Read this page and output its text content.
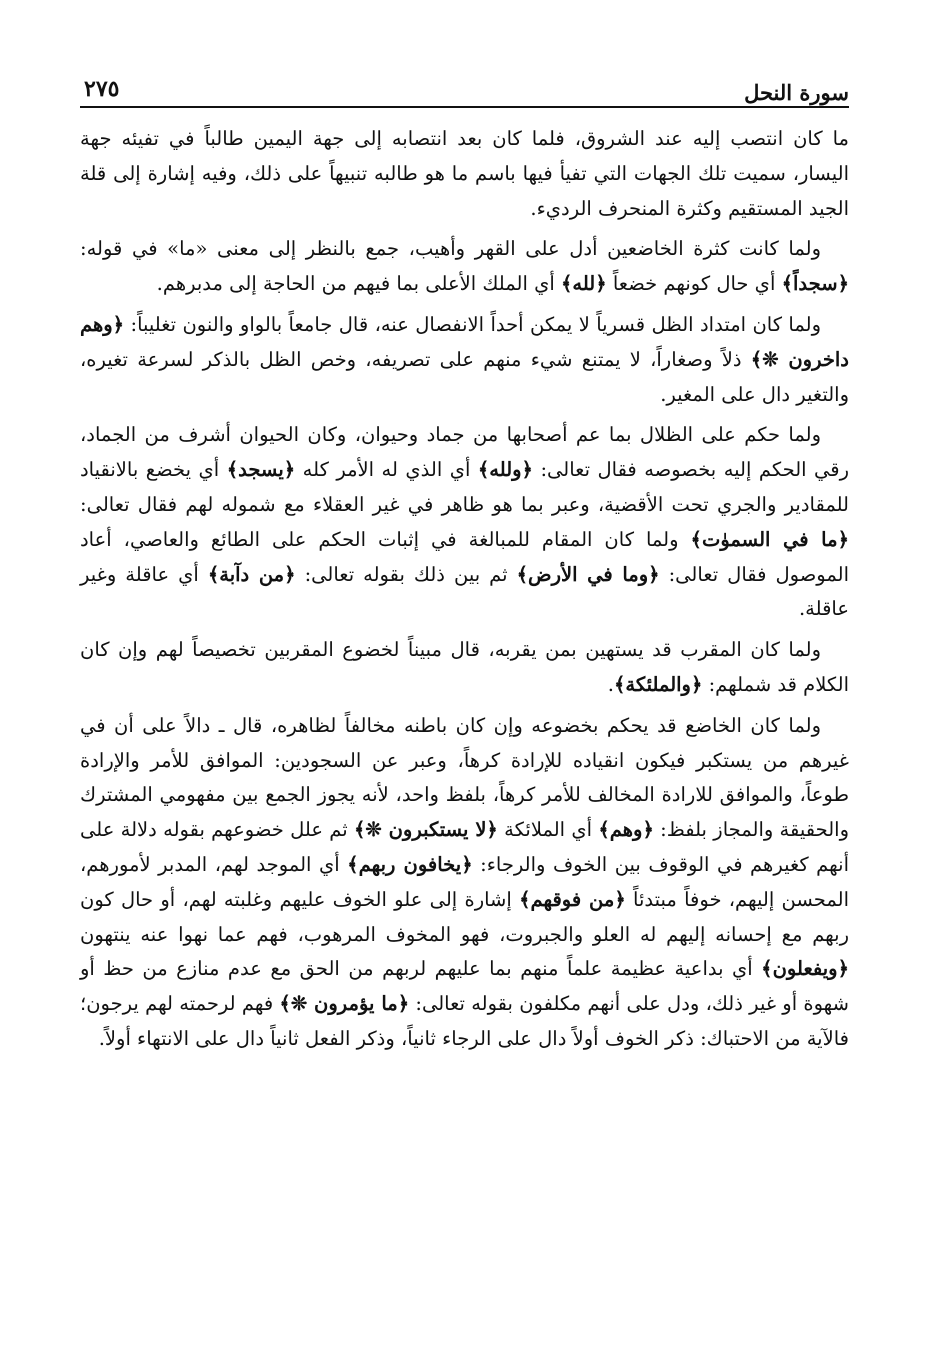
سورة النحل
٢٧٥

ما كان انتصب إليه عند الشروق، فلما كان بعد انتصابه إلى جهة اليمين طالباً في تفيئه جهة اليسار، سميت تلك الجهات التي تفيأ فيها باسم ما هو طالبه تنبيهاً على ذلك، وفيه إشارة إلى قلة الجيد المستقيم وكثرة المنحرف الرديء.

ولما كانت كثرة الخاضعين أدل على القهر وأهيب، جمع بالنظر إلى معنى «ما» في قوله: ﴿سجداً﴾ أي حال كونهم خضعاً ﴿لله﴾ أي الملك الأعلى بما فيهم من الحاجة إلى مدبرهم.

ولما كان امتداد الظل قسرياً لا يمكن أحداً الانفصال عنه، قال جامعاً بالواو والنون تغليباً: ﴿وهم داخرون ❊﴾ ذلاً وصغاراً، لا يمتنع شيء منهم على تصريفه، وخص الظل بالذكر لسرعة تغيره، والتغير دال على المغير.

ولما حكم على الظلال بما عم أصحابها من جماد وحيوان، وكان الحيوان أشرف من الجماد، رقي الحكم إليه بخصوصه فقال تعالى: ﴿ولله﴾ أي الذي له الأمر كله ﴿يسجد﴾ أي يخضع بالانقياد للمقادير والجري تحت الأقضية، وعبر بما هو ظاهر في غير العقلاء مع شموله لهم فقال تعالى: ﴿ما في السموٰت﴾ ولما كان المقام للمبالغة في إثبات الحكم على الطائع والعاصي، أعاد الموصول فقال تعالى: ﴿وما في الأرض﴾ ثم بين ذلك بقوله تعالى: ﴿من دآبة﴾ أي عاقلة وغير عاقلة.

ولما كان المقرب قد يستهين بمن يقربه، قال مبيناً لخضوع المقربين تخصيصاً لهم وإن كان الكلام قد شملهم: ﴿والملئكة﴾.

ولما كان الخاضع قد يحكم بخضوعه وإن كان باطنه مخالفاً لظاهره، قال ـ دالاً على أن في غيرهم من يستكبر فيكون انقياده للإرادة كرهاً، وعبر عن السجودين: الموافق للأمر والإرادة طوعاً، والموافق للارادة المخالف للأمر كرهاً، بلفظ واحد، لأنه يجوز الجمع بين مفهومي المشترك والحقيقة والمجاز بلفظ: ﴿وهم﴾ أي الملائكة ﴿لا يستكبرون ❊﴾ ثم علل خضوعهم بقوله دلالة على أنهم كغيرهم في الوقوف بين الخوف والرجاء: ﴿يخافون ربهم﴾ أي الموجد لهم، المدبر لأمورهم، المحسن إليهم، خوفاً مبتدئاً ﴿من فوقهم﴾ إشارة إلى علو الخوف عليهم وغلبته لهم، أو حال كون ربهم مع إحسانه إليهم له العلو والجبروت، فهو المخوف المرهوب، فهم عما نهوا عنه ينتهون ﴿ويفعلون﴾ أي بداعية عظيمة علماً منهم بما عليهم لربهم من الحق مع عدم منازع من حظ أو شهوة أو غير ذلك، ودل على أنهم مكلفون بقوله تعالى: ﴿ما يؤمرون ❊﴾ فهم لرحمته لهم يرجون؛ فالآية من الاحتباك: ذكر الخوف أولاً دال على الرجاء ثانياً، وذكر الفعل ثانياً دال على الانتهاء أولاً.
